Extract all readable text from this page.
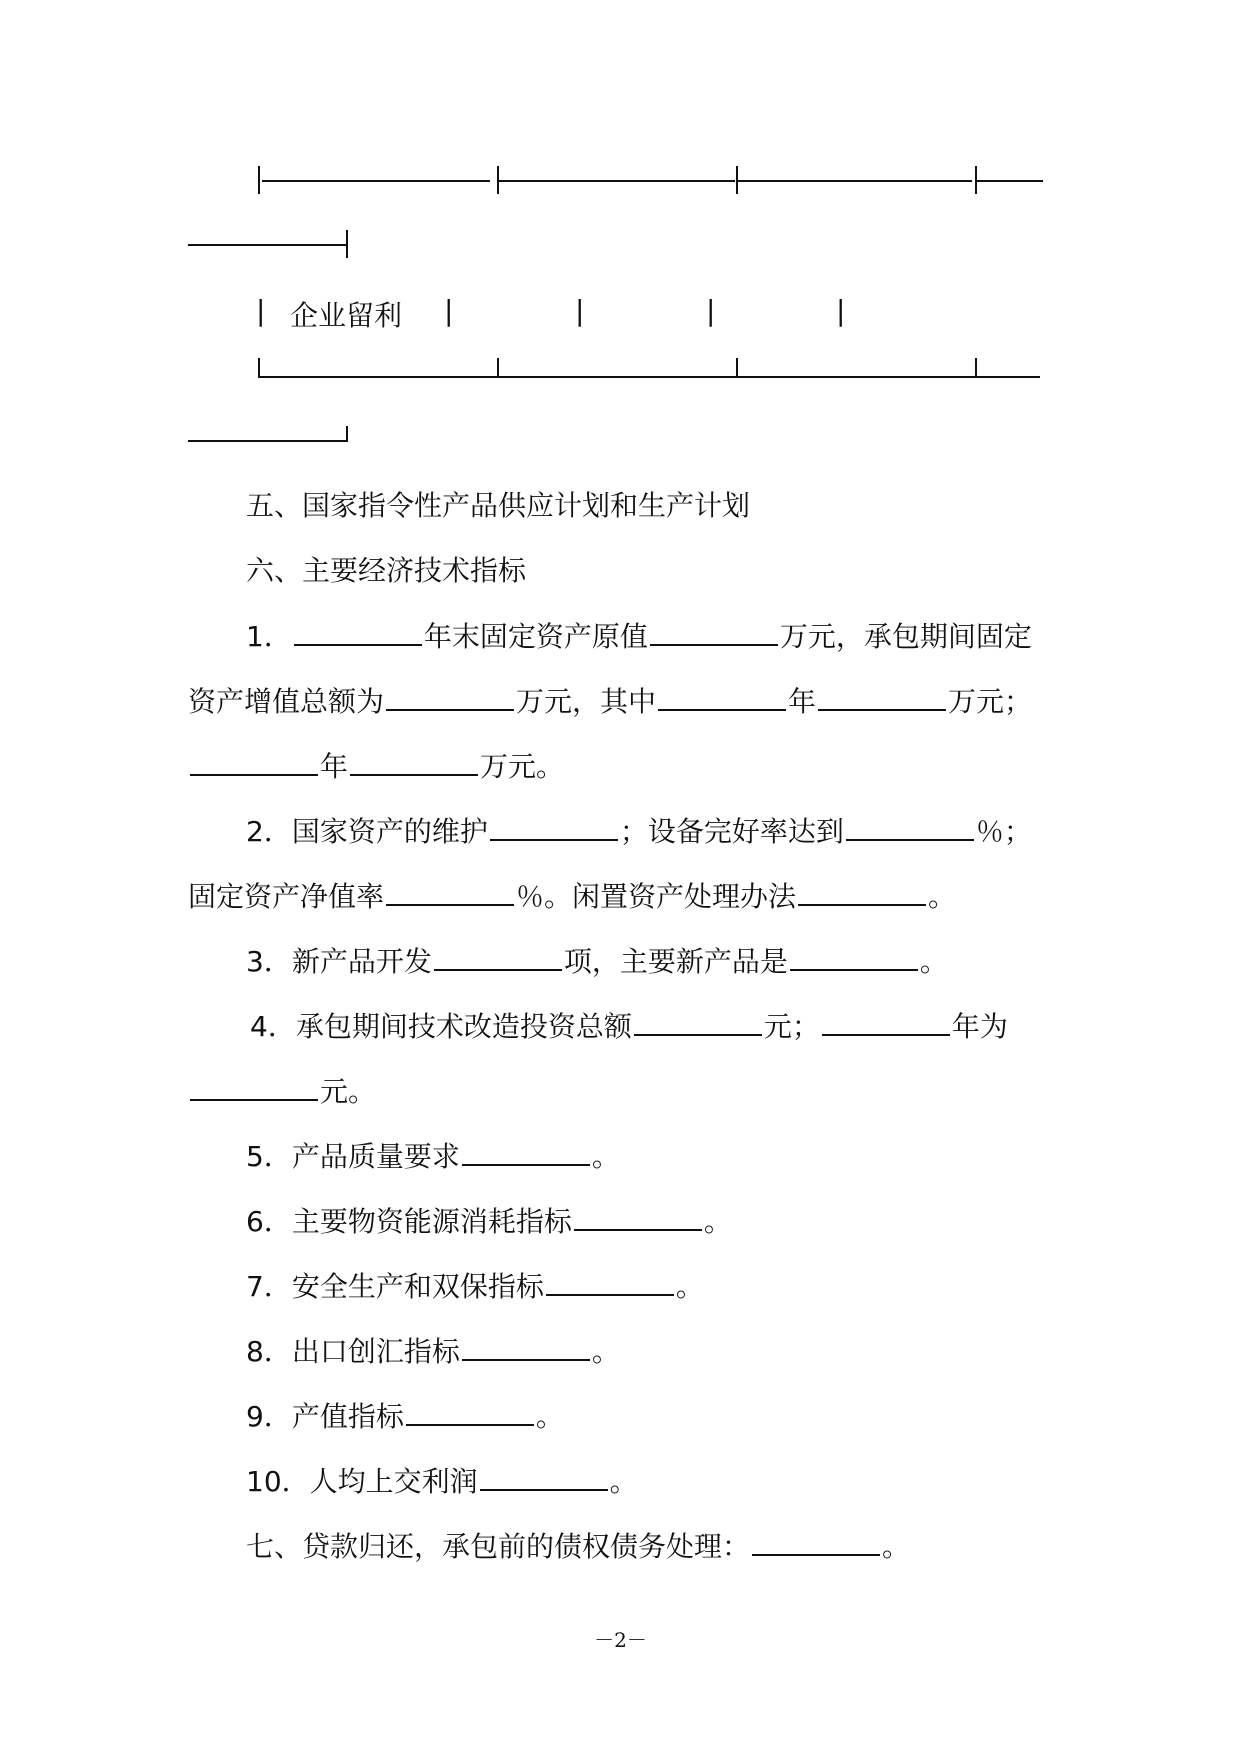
| 企业留利 |	|	|	|
五、国家指令性产品供应计划和生产计划
六、主要经济技术指标
1．	年末固定资产原值	万元，承包期间固定
资产增值总额为	万元，其中	年	万元；
年	万元。
2．国家资产的维护	；设备完好率达到	％；
固定资产净值率	％。闲置资产处理办法	。
3．新产品开发	项，主要新产品是	。
4．承包期间技术改造投资总额	元；	年为
元。
5．产品质量要求	。
6．主要物资能源消耗指标	。
7．安全生产和双保指标	。
8．出口创汇指标	。
9．产值指标	。
10．人均上交利润	。
七、贷款归还，承包前的债权债务处理：	。
－2－
